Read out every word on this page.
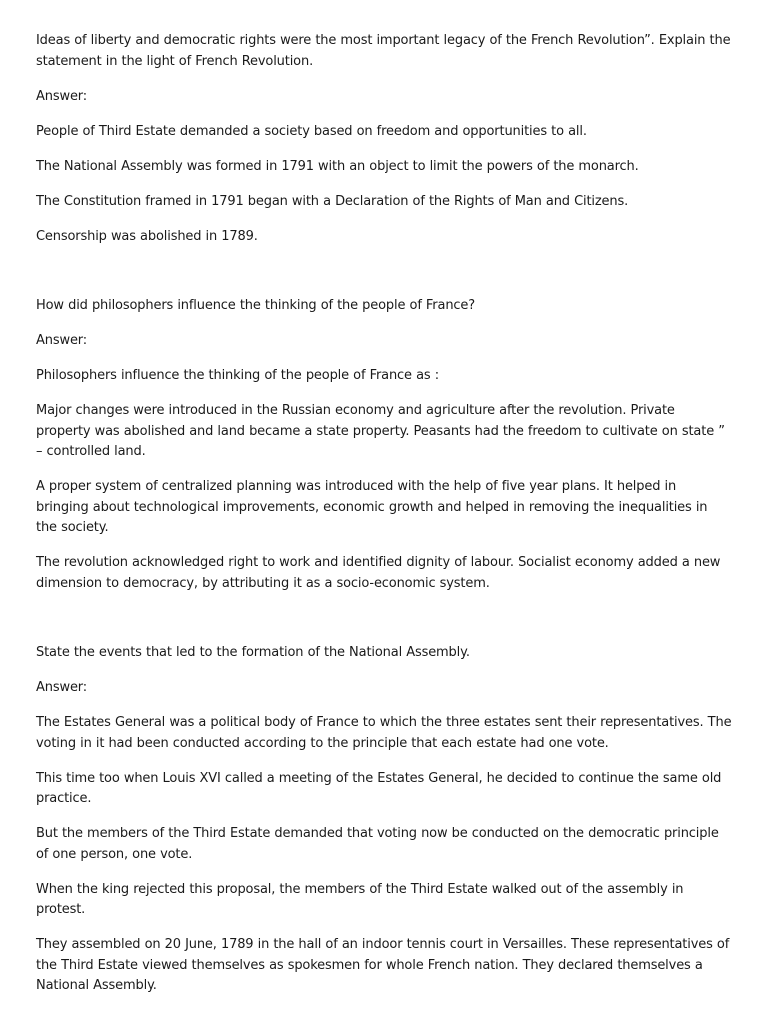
Ideas of liberty and democratic rights were the most important legacy of the French Revolution”. Explain the statement in the light of French Revolution.

Answer:

People of Third Estate demanded a society based on freedom and opportunities to all.

The National Assembly was formed in 1791 with an object to limit the powers of the monarch.

The Constitution framed in 1791 began with a Declaration of the Rights of Man and Citizens.

Censorship was abolished in 1789.

How did philosophers influence the thinking of the people of France?

Answer:

Philosophers influence the thinking of the people of France as :

Major changes were introduced in the Russian economy and agriculture after the revolution. Private property was abolished and land became a state property. Peasants had the freedom to cultivate on state ” – controlled land.

A proper system of centralized planning was introduced with the help of five year plans. It helped in bringing about technological improvements, economic growth and helped in removing the inequalities in the society.

The revolution acknowledged right to work and identified dignity of labour. Socialist economy added a new dimension to democracy, by attributing it as a socio-economic system.

State the events that led to the formation of the National Assembly.

Answer:

The Estates General was a political body of France to which the three estates sent their representatives. The voting in it had been conducted according to the principle that each estate had one vote.

This time too when Louis XVI called a meeting of the Estates General, he decided to continue the same old practice.

But the members of the Third Estate demanded that voting now be conducted on the democratic principle of one person, one vote.

When the king rejected this proposal, the members of the Third Estate walked out of the assembly in protest.

They assembled on 20 June, 1789 in the hall of an indoor tennis court in Versailles. These representatives of the Third Estate viewed themselves as spokesmen for whole French nation. They declared themselves a National Assembly.
